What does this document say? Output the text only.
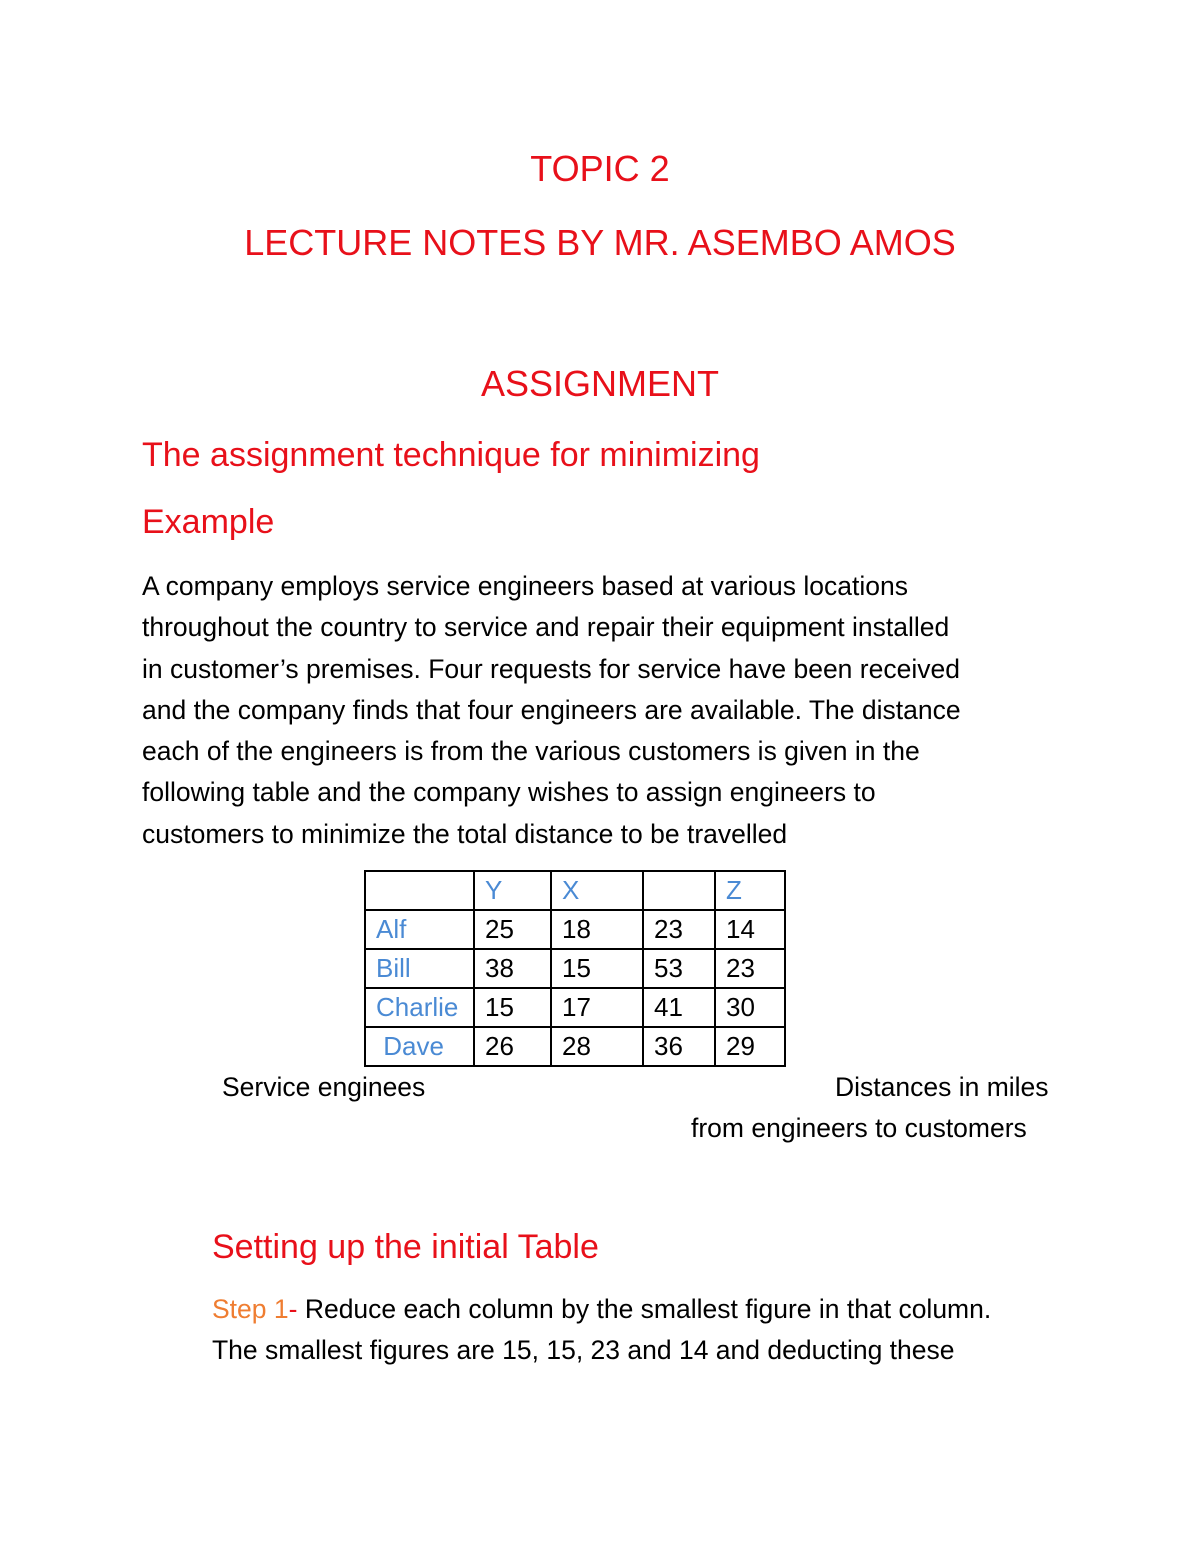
TOPIC 2
LECTURE NOTES BY MR. ASEMBO AMOS
ASSIGNMENT
The assignment technique for minimizing
Example
A company employs service engineers based at various locations
throughout the country to service and repair their equipment installed
in customer’s premises. Four requests for service have been received
and the company finds that four engineers are available. The distance
each of the engineers is from the various customers is given in the
following table and the company wishes to assign engineers to
customers to minimize the total distance to be travelled
	Y	X		Z
Alf	25	18	23	14
Bill	38	15	53	23
Charlie	15	17	41	30
Dave	26	28	36	29
Service enginees	Distances in miles
from engineers to customers
Setting up the initial Table
Step 1- Reduce each column by the smallest figure in that column.
The smallest figures are 15, 15, 23 and 14 and deducting these
